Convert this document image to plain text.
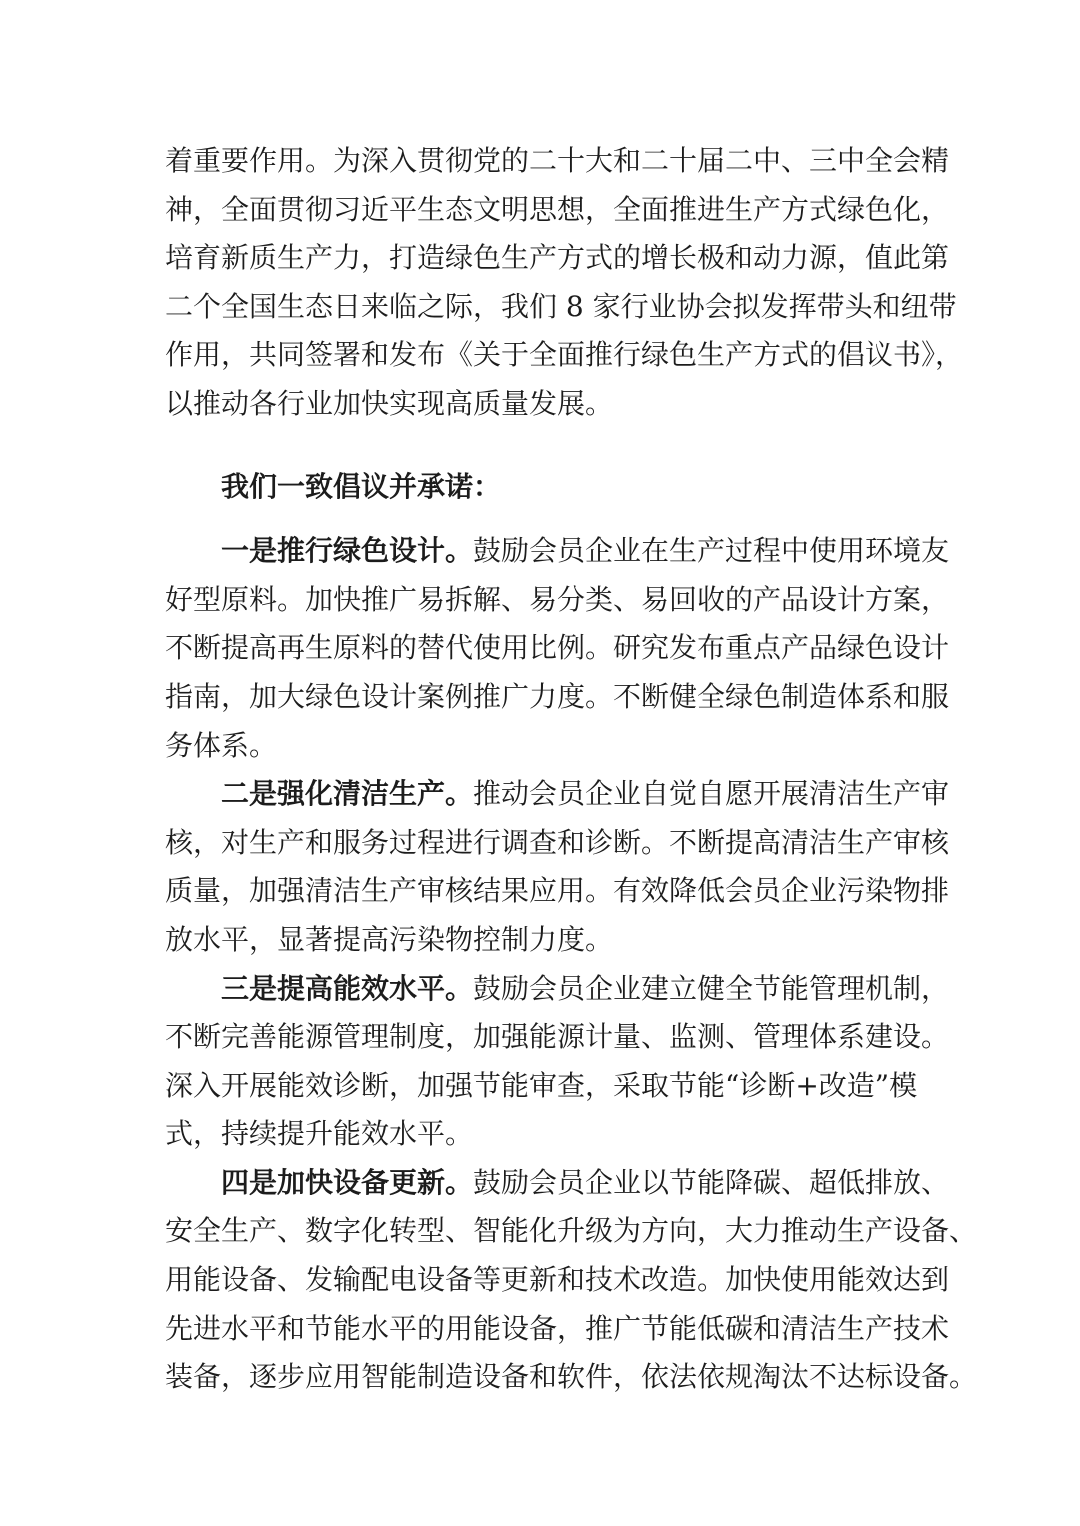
着重要作用。为深入贯彻党的二十大和二十届二中、三中全会精
神，全面贯彻习近平生态文明思想，全面推进生产方式绿色化，
培育新质生产力，打造绿色生产方式的增长极和动力源，值此第
二个全国生态日来临之际，我们 8 家行业协会拟发挥带头和纽带
作用，共同签署和发布《关于全面推行绿色生产方式的倡议书》，
以推动各行业加快实现高质量发展。
我们一致倡议并承诺：
一是推行绿色设计。鼓励会员企业在生产过程中使用环境友
好型原料。加快推广易拆解、易分类、易回收的产品设计方案，
不断提高再生原料的替代使用比例。研究发布重点产品绿色设计
指南，加大绿色设计案例推广力度。不断健全绿色制造体系和服
务体系。
二是强化清洁生产。推动会员企业自觉自愿开展清洁生产审
核，对生产和服务过程进行调查和诊断。不断提高清洁生产审核
质量，加强清洁生产审核结果应用。有效降低会员企业污染物排
放水平，显著提高污染物控制力度。
三是提高能效水平。鼓励会员企业建立健全节能管理机制，
不断完善能源管理制度，加强能源计量、监测、管理体系建设。
深入开展能效诊断，加强节能审查，采取节能“诊断+改造”模
式，持续提升能效水平。
四是加快设备更新。鼓励会员企业以节能降碳、超低排放、
安全生产、数字化转型、智能化升级为方向，大力推动生产设备、
用能设备、发输配电设备等更新和技术改造。加快使用能效达到
先进水平和节能水平的用能设备，推广节能低碳和清洁生产技术
装备，逐步应用智能制造设备和软件，依法依规淘汰不达标设备。
